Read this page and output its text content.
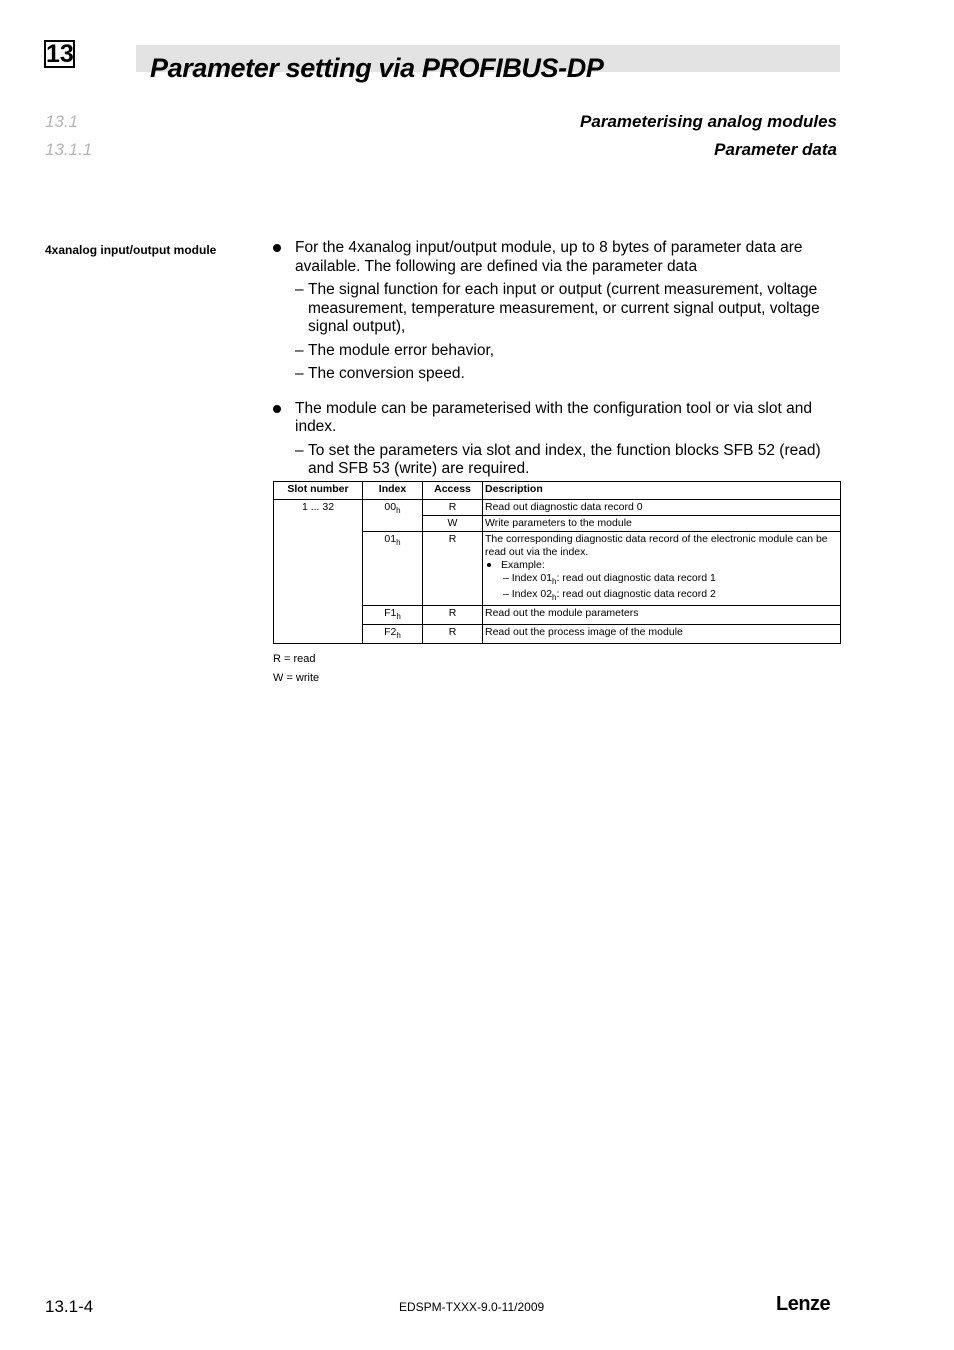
13	Parameter setting via PROFIBUS-DP
13.1	Parameterising analog modules
13.1.1	Parameter data
4xanalog input/output module	For the 4xanalog input/output module, up to 8 bytes of parameter data are available. The following are defined via the parameter data
– The signal function for each input or output (current measurement, voltage measurement, temperature measurement, or current signal output, voltage signal output),
– The module error behavior,
– The conversion speed.
The module can be parameterised with the configuration tool or via slot and index.
– To set the parameters via slot and index, the function blocks SFB 52 (read) and SFB 53 (write) are required.
Slot number	Index	Access	Description
1 ... 32	$00_h$	R	Read out diagnostic data record 0
		W	Write parameters to the module
	$01_h$	R	The corresponding diagnostic data record of the electronic module can be read out via the index.
Example:
– Index $01_h$: read out diagnostic data record 1
– Index $02_h$: read out diagnostic data record 2

	$F1_h$	R	Read out the module parameters
	$F2_h$	R	Read out the process image of the module
R = read
W = write
13.1-4	EDSPM-TXXX-9.0-11/2009	Lenze
